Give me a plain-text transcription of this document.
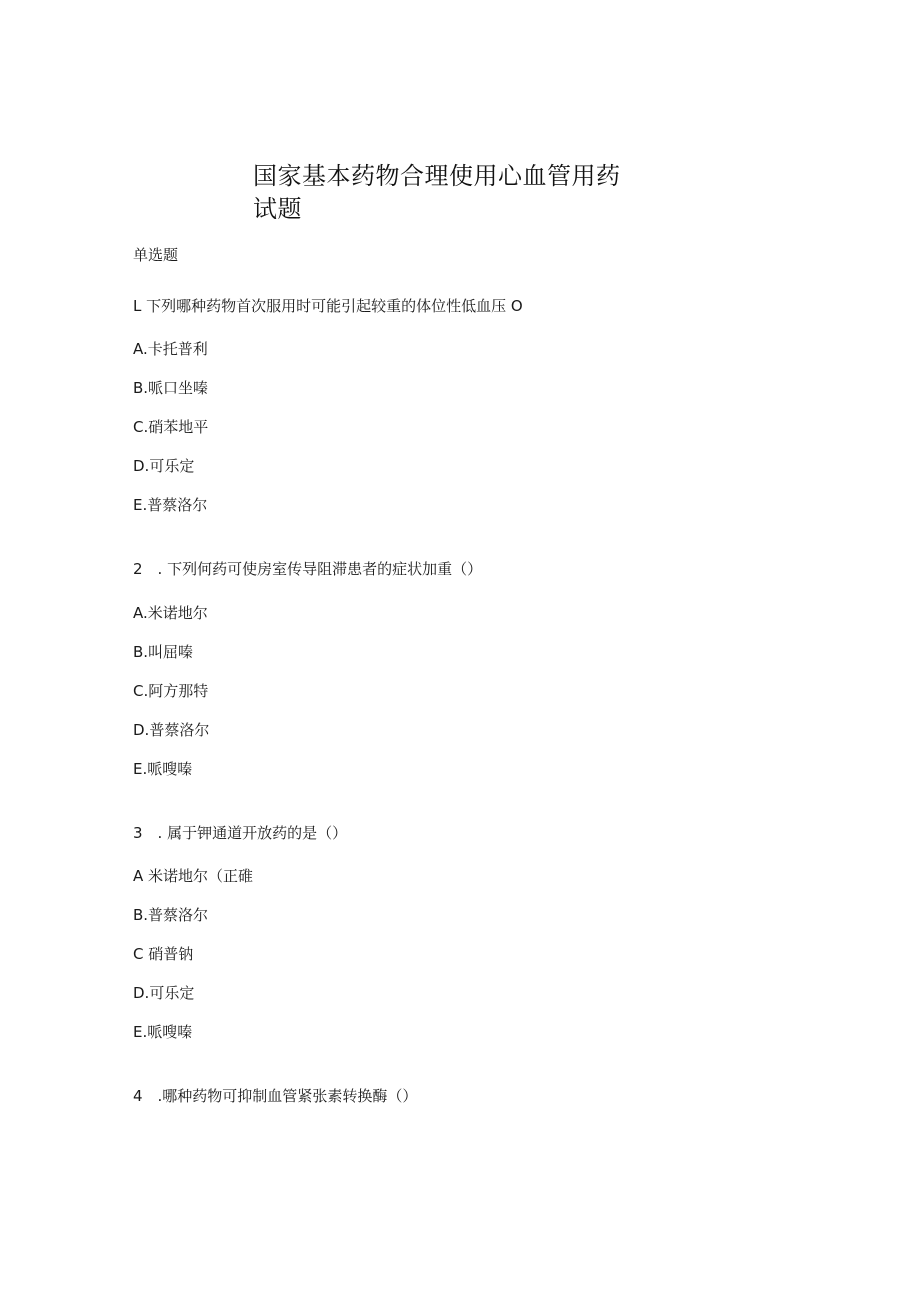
国家基本药物合理使用心血管用药
试题
单选题
L 下列哪种药物首次服用时可能引起较重的体位性低血压 O
A.卡托普利
B.哌口坐嗪
C.硝苯地平
D.可乐定
E.普蔡洛尔
2　. 下列何药可使房室传导阻滞患者的症状加重（）
A.米诺地尔
B.叫屈嗪
C.阿方那特
D.普蔡洛尔
E.哌嗖嗪
3　. 属于钾通道开放药的是（）
A 米诺地尔（正碓
B.普蔡洛尔
C 硝普钠
D.可乐定
E.哌嗖嗪
4　.哪种药物可抑制血管紧张素转换酶（）
